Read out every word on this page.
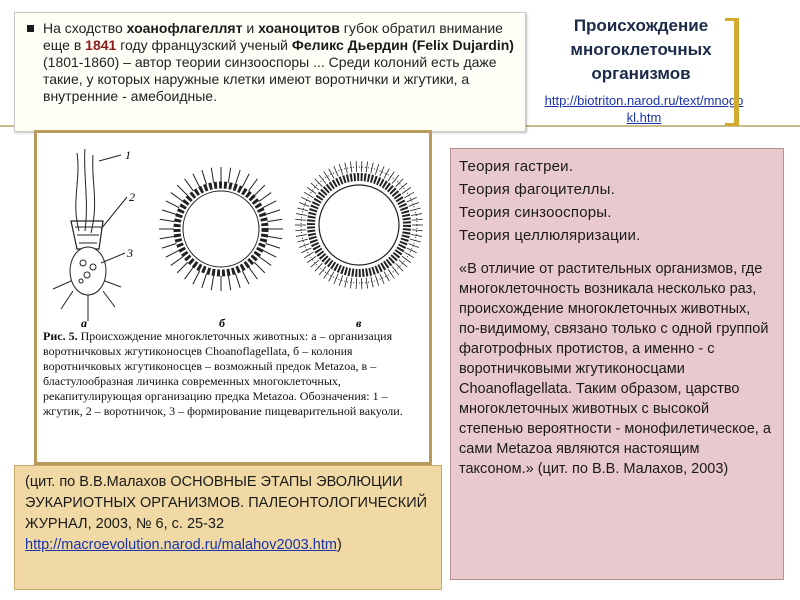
На сходство хоанофлагеллят и хоаноцитов губок обратил внимание еще в 1841 году французский ученый Феликс Дьердин (Felix Dujardin) (1801-1860) – автор теории синзооспоры ... Среди колоний есть даже такие, у которых наружные клетки имеют воротнички и жгутики, а внутренние - амебоидные.
Происхождение многоклеточных организмов
http://biotriton.narod.ru/text/mnogokl.htm
1
2
3
а	б	в
Рис. 5. Происхождение многоклеточных животных: а – организация воротничковых жгутиконосцев Choanoflagellata, б – колония воротничковых жгутиконосцев – возможный предок Metazoa, в – бластулообразная личинка современных многоклеточных, рекапитулирующая организацию предка Metazoa. Обозначения: 1 – жгутик, 2 – воротничок, 3 – формирование пищеварительной вакуоли.
(цит. по В.В.Малахов ОСНОВНЫЕ ЭТАПЫ ЭВОЛЮЦИИ ЭУКАРИОТНЫХ ОРГАНИЗМОВ. ПАЛЕОНТОЛОГИЧЕСКИЙ ЖУРНАЛ, 2003, № 6, с. 25-32 http://macroevolution.narod.ru/malahov2003.htm)
Теория гастреи.
Теория фагоцителлы.
Теория синзооспоры.
Теория целлюляризации.
«В отличие от растительных организмов, где многоклеточность возникала несколько раз, происхождение многоклеточных животных, по-видимому, связано только с одной группой фаготрофных протистов, а именно - с воротничковыми жгутиконосцами Choanoflagellata. Таким образом, царство многоклеточных животных с высокой степенью вероятности - монофилетическое, а сами Metazoa являются настоящим таксоном.» (цит. по В.В. Малахов, 2003)
